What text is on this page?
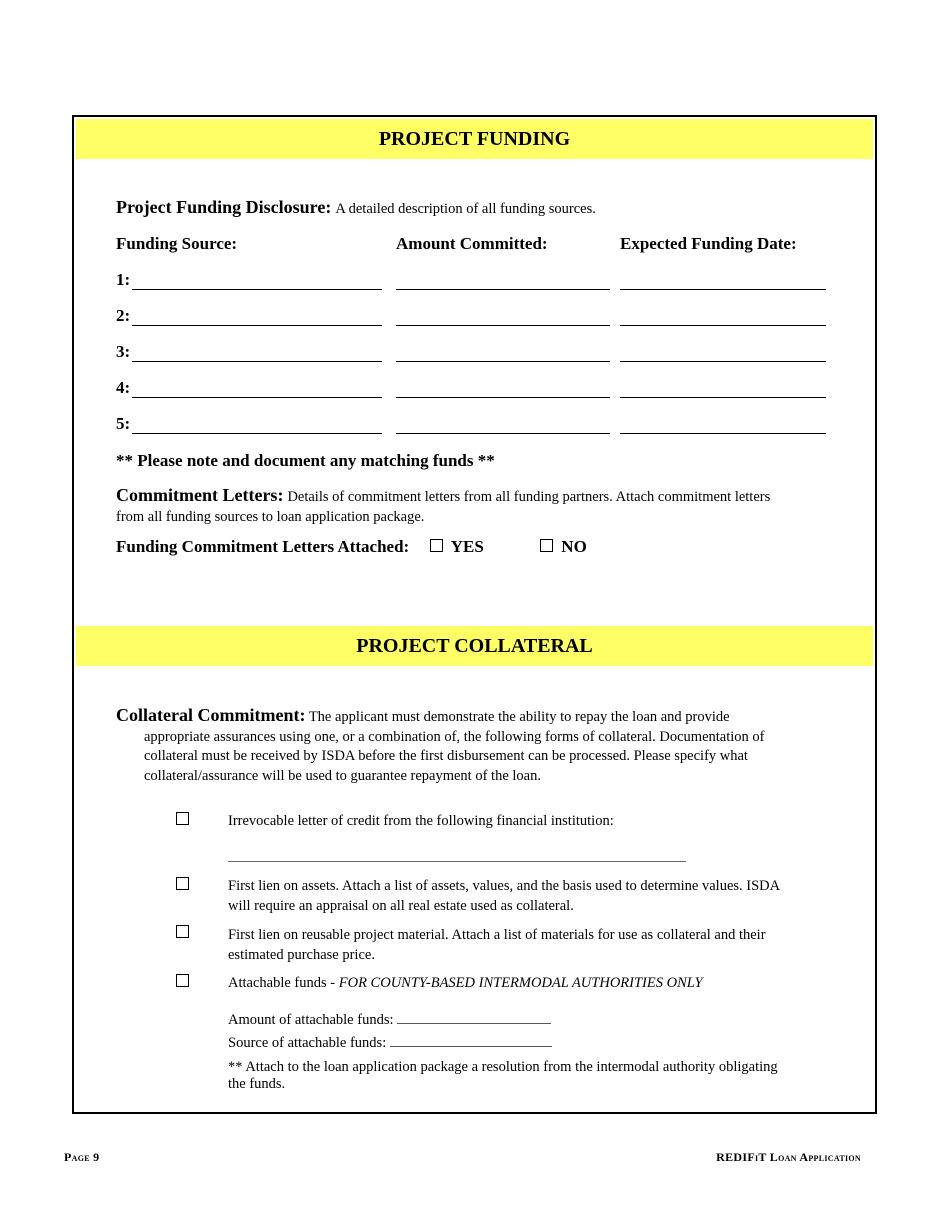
PROJECT FUNDING
Project Funding Disclosure: A detailed description of all funding sources.
Funding Source:	Amount Committed:	Expected Funding Date:
1:
2:
3:
4:
5:
** Please note and document any matching funds **
Commitment Letters: Details of commitment letters from all funding partners. Attach commitment letters
from all funding sources to loan application package.
Funding Commitment Letters Attached: YES	NO
PROJECT COLLATERAL
Collateral Commitment: The applicant must demonstrate the ability to repay the loan and provide
appropriate assurances using one, or a combination of, the following forms of collateral. Documentation of
collateral must be received by ISDA before the first disbursement can be processed. Please specify what
collateral/assurance will be used to guarantee repayment of the loan.
Irrevocable letter of credit from the following financial institution:
First lien on assets. Attach a list of assets, values, and the basis used to determine values. ISDA
will require an appraisal on all real estate used as collateral.
First lien on reusable project material. Attach a list of materials for use as collateral and their
estimated purchase price.
Attachable funds - FOR COUNTY-BASED INTERMODAL AUTHORITIES ONLY
Amount of attachable funds:
Source of attachable funds:
** Attach to the loan application package a resolution from the intermodal authority obligating
the funds.
Page 9	REDIFiT Loan Application
